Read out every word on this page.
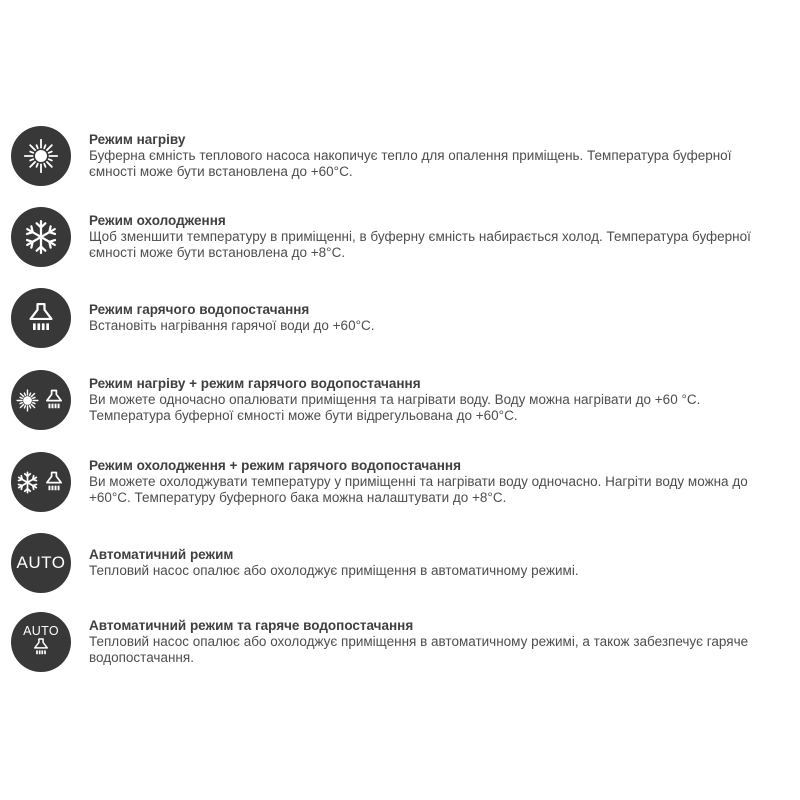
Режим нагріву
Буферна ємність теплового насоса накопичує тепло для опалення приміщень. Температура буферної ємності може бути встановлена до +60°C.
Режим охолодження
Щоб зменшити температуру в приміщенні, в буферну ємність набирається холод. Температура буферної ємності може бути встановлена до +8°C.
Режим гарячого водопостачання
Встановіть нагрівання гарячої води до +60°C.
Режим нагріву + режим гарячого водопостачання
Ви можете одночасно опалювати приміщення та нагрівати воду. Воду можна нагрівати до +60 °C. Температура буферної ємності може бути відрегульована до +60°C.
Режим охолодження + режим гарячого водопостачання
Ви можете охолоджувати температуру у приміщенні та нагрівати воду одночасно. Нагріти воду можна до +60°C. Температуру буферного бака можна налаштувати до +8°C.
AUTO Автоматичний режим
Тепловий насос опалює або охолоджує приміщення в автоматичному режимі.
AUTO Автоматичний режим та гаряче водопостачання
Тепловий насос опалює або охолоджує приміщення в автоматичному режимі, а також забезпечує гаряче водопостачання.
